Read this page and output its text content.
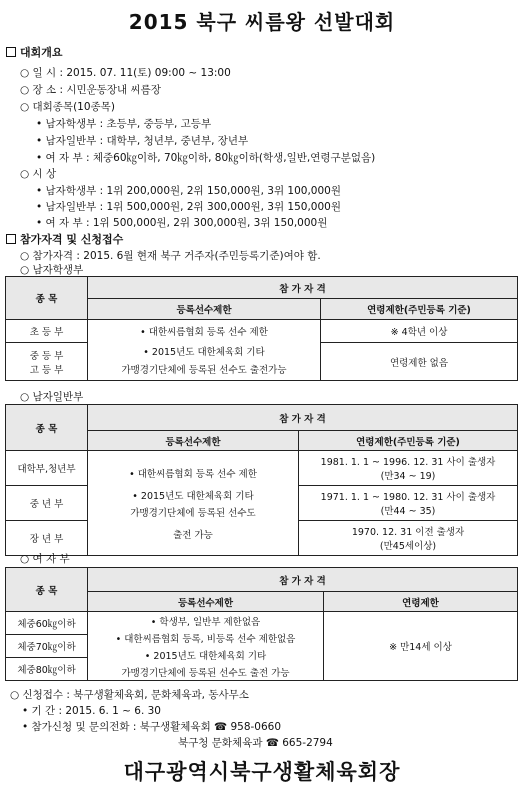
2015 북구 씨름왕 선발대회
대회개요
○ 일 시 : 2015. 07. 11(토) 09:00 ~ 13:00
○ 장 소 : 시민운동장내 씨름장
○ 대회종목(10종목)
• 남자학생부 : 초등부, 중등부, 고등부
• 남자일반부 : 대학부, 청년부, 중년부, 장년부
• 여 자 부 : 체중60㎏이하, 70㎏이하, 80㎏이하(학생,일반,연령구분없음)
○ 시 상
• 남자학생부 : 1위 200,000원, 2위 150,000원, 3위 100,000원
• 남자일반부 : 1위 500,000원, 2위 300,000원, 3위 150,000원
• 여 자 부 : 1위 500,000원, 2위 300,000원, 3위 150,000원
참가자격 및 신청접수
○ 참가자격 : 2015. 6월 현재 북구 거주자(주민등록기준)여야 함.
○ 남자학생부
종 목	참 가 자 격	
	등록선수제한	연령제한(주민등록 기준)
초 등 부	• 대한씨름협회 등록 선수 제한
• 2015년도 대한체육회 기타
가맹경기단체에 등록된 선수도 출전가능	※ 4학년 이상

중 등 부
고 등 부		연령제한 없음
○ 남자일반부
종 목	참 가 자 격	
	등록선수제한	연령제한(주민등록 기준)
대학부,청년부	• 대한씨름협회 등록 선수 제한
• 2015년도 대한체육회 기타
가맹경기단체에 등록된 선수도
출전 가능	1981. 1. 1 ~ 1996. 12. 31 사이 출생자
(만34 ~ 19)

중 년 부		1971. 1. 1 ~ 1980. 12. 31 사이 출생자
(만44 ~ 35)

장 년 부		1970. 12. 31 이전 출생자
(만45세이상)
○ 여 자 부
종 목	참 가 자 격	
	등록선수제한	연령제한
체중60㎏이하	• 학생부, 일반부 제한없음
• 대한씨름협회 등록, 비등록 선수 제한없음
• 2015년도 대한체육회 기타
가맹경기단체에 등록된 선수도 출전 가능	※ 만14세 이상
체중70㎏이하		
체중80㎏이하		
○ 신청접수 : 북구생활체육회, 문화체육과, 동사무소
• 기 간 : 2015. 6. 1 ~ 6. 30
• 참가신청 및 문의전화 : 북구생활체육회 ☎ 958-0660
북구청 문화체육과 ☎ 665-2794
대구광역시북구생활체육회장
